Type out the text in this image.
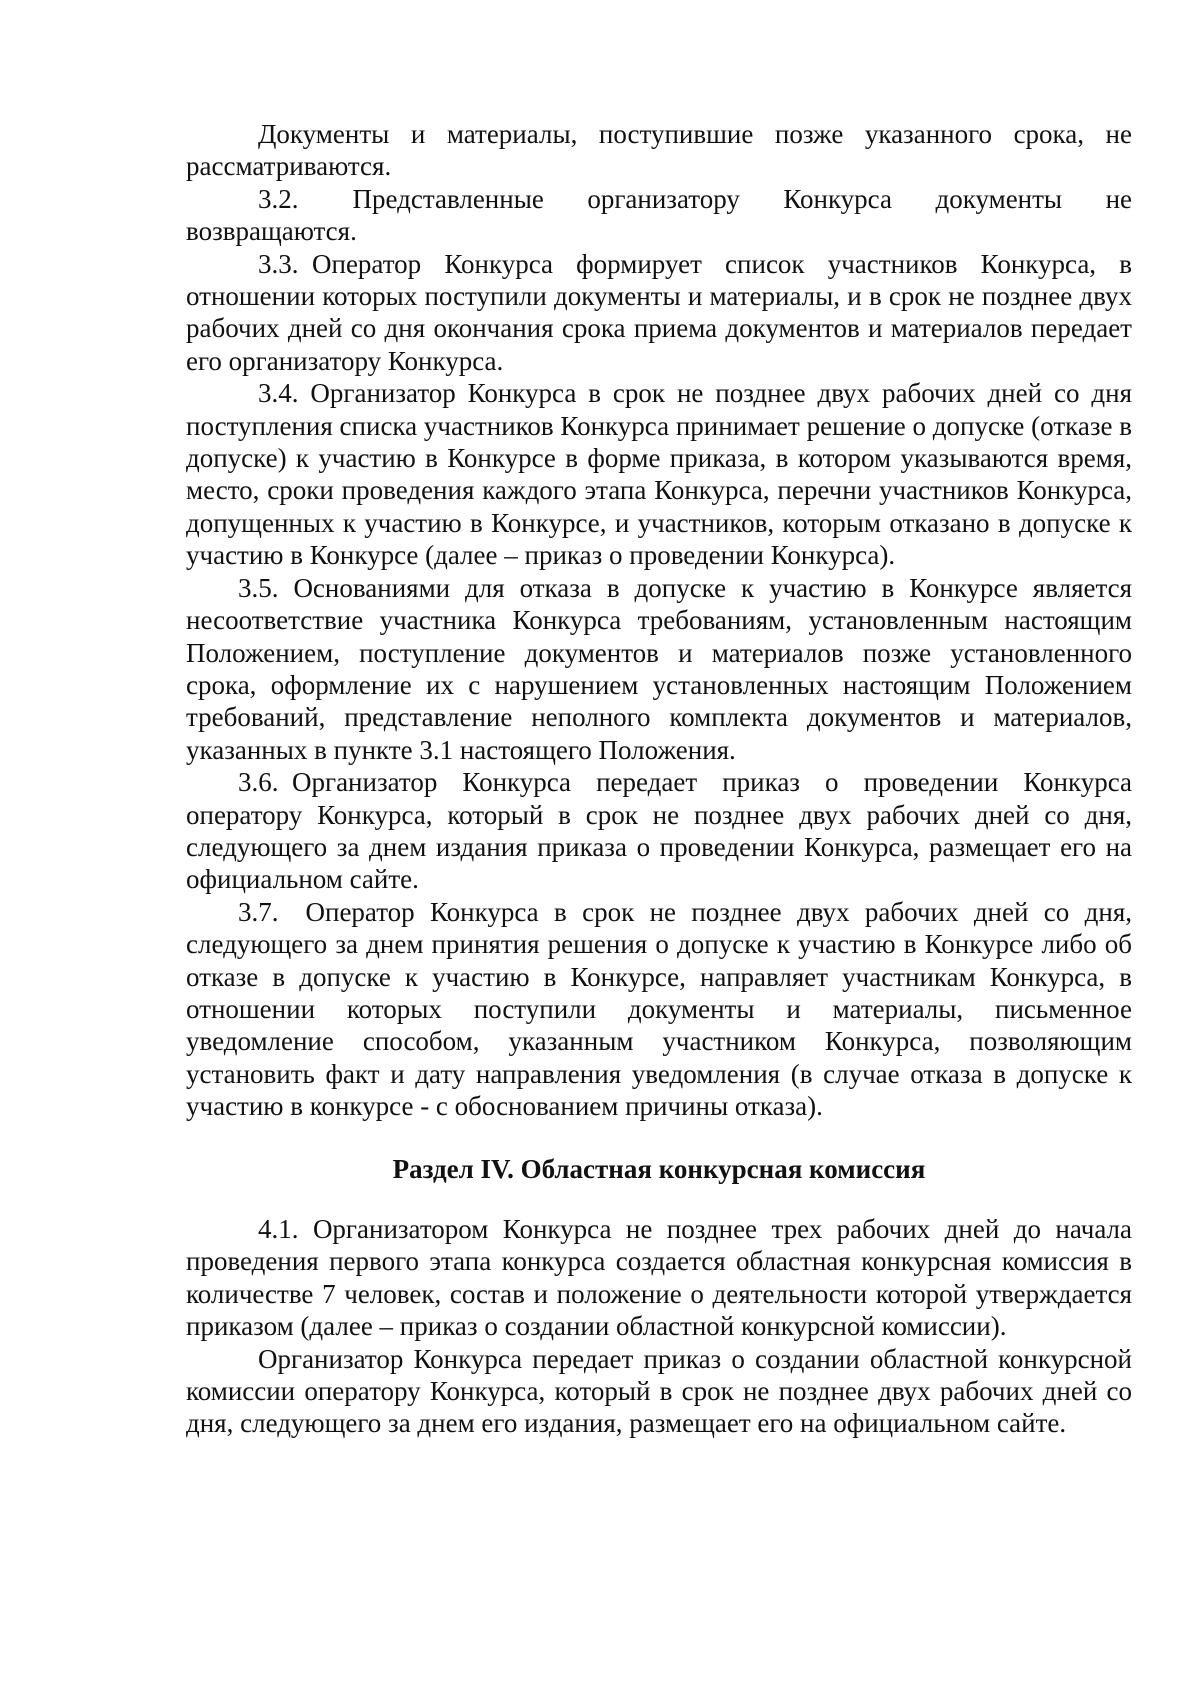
Документы и материалы, поступившие позже указанного срока, не рассматриваются.

3.2.  Представленные организатору Конкурса документы не возвращаются.

3.3. Оператор Конкурса формирует список участников Конкурса, в отношении которых поступили документы и материалы, и в срок не позднее двух рабочих дней со дня окончания срока приема документов и материалов передает его организатору Конкурса.

3.4. Организатор Конкурса в срок не позднее двух рабочих дней со дня поступления списка участников Конкурса принимает решение о допуске (отказе в допуске) к участию в Конкурсе в форме приказа, в котором указываются время, место, сроки проведения каждого этапа Конкурса, перечни участников Конкурса, допущенных к участию в Конкурсе, и участников, которым отказано в допуске к участию в Конкурсе (далее – приказ о проведении Конкурса).

3.5. Основаниями для отказа в допуске к участию в Конкурсе является несоответствие участника Конкурса требованиям, установленным настоящим Положением, поступление документов и материалов позже установленного срока, оформление их с нарушением установленных настоящим Положением требований, представление неполного комплекта документов и материалов, указанных в пункте 3.1 настоящего Положения.

3.6. Организатор Конкурса передает приказ о проведении Конкурса оператору Конкурса, который в срок не позднее двух рабочих дней со дня, следующего за днем издания приказа о проведении Конкурса, размещает его на официальном сайте.

3.7.  Оператор Конкурса в срок не позднее двух рабочих дней со дня, следующего за днем принятия решения о допуске к участию в Конкурсе либо об отказе в допуске к участию в Конкурсе, направляет участникам Конкурса, в отношении которых поступили документы и материалы, письменное уведомление способом, указанным участником Конкурса, позволяющим установить факт и дату направления уведомления (в случае отказа в допуске к участию в конкурсе - с обоснованием причины отказа).

Раздел IV. Областная конкурсная комиссия

4.1. Организатором Конкурса не позднее трех рабочих дней до начала проведения первого этапа конкурса создается областная конкурсная комиссия в количестве 7 человек, состав и положение о деятельности которой утверждается приказом (далее – приказ о создании областной конкурсной комиссии).

Организатор Конкурса передает приказ о создании областной конкурсной комиссии оператору Конкурса, который в срок не позднее двух рабочих дней со дня, следующего за днем его издания, размещает его на официальном сайте.
